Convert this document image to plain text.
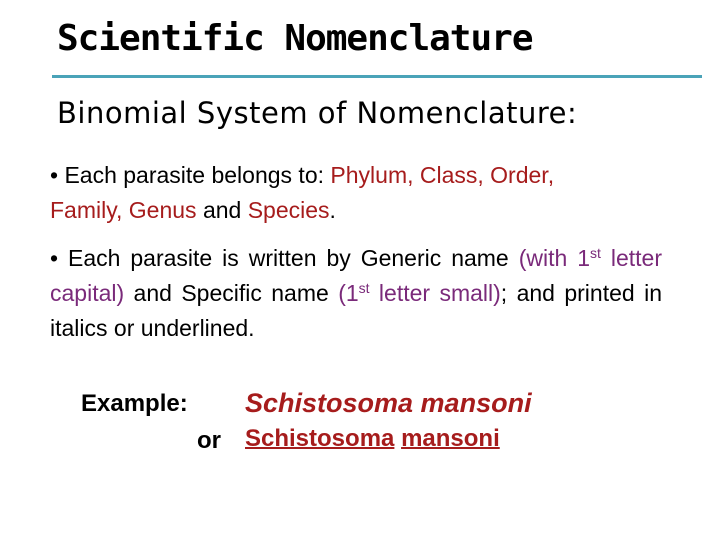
Scientific Nomenclature
Binomial System of Nomenclature:
• Each parasite belongs to: Phylum, Class, Order,
Family, Genus and Species.
• Each parasite is written by Generic name (with 1st letter capital) and Specific name (1st letter small); and printed in italics or underlined.
Example: Schistosoma mansoni
or Schistosoma mansoni
